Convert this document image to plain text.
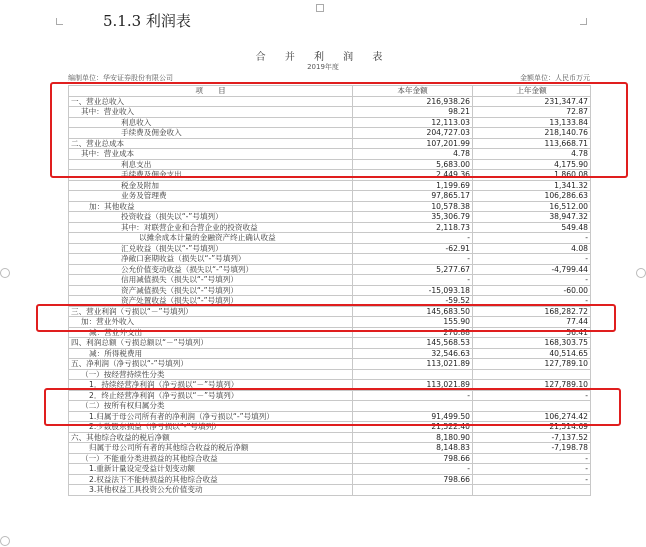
5.1.3 利润表
合 并 利 润 表
2019年度
编制单位：华安证券股份有限公司	金额单位：人民币万元
项　　目	本年金额	上年金额
一、营业总收入	216,938.26	231,347.47
其中：营业收入	98.21	72.87
利息收入	12,113.03	13,133.84
手续费及佣金收入	204,727.03	218,140.76
二、营业总成本	107,201.99	113,668.71
其中：营业成本	4.78	4.78
利息支出	5,683.00	4,175.90
手续费及佣金支出	2,449.36	1,860.08
税金及附加	1,199.69	1,341.32
业务及管理费	97,865.17	106,286.63
加：其他收益	10,578.38	16,512.00
投资收益（损失以“-”号填列）	35,306.79	38,947.32
其中：对联营企业和合营企业的投资收益	2,118.73	549.48
以摊余成本计量的金融资产终止确认收益	-	-
汇兑收益（损失以“-”号填列）	-62.91	4.08
净敞口套期收益（损失以“-”号填列）	-	-
公允价值变动收益（损失以“-”号填列）	5,277.67	-4,799.44
信用减值损失（损失以“-”号填列）	-	-
资产减值损失（损失以“-”号填列）	-15,093.18	-60.00
资产处置收益（损失以“-”号填列）	-59.52	-
三、营业利润（亏损以“－”号填列）	145,683.50	168,282.72
加：营业外收入	155.90	77.44
减：营业外支出	270.88	56.41
四、利润总额（亏损总额以“－”号填列）	145,568.53	168,303.75
减：所得税费用	32,546.63	40,514.65
五、净利润（净亏损以“-”号填列）	113,021.89	127,789.10
（一）按经营持续性分类		
1．持续经营净利润（净亏损以“－”号填列）	113,021.89	127,789.10
2．终止经营净利润（净亏损以“－”号填列）	-	-
（二）按所有权归属分类		
1.归属于母公司所有者的净利润（净亏损以“-”号填列）	91,499.50	106,274.42
2.少数股东损益（净亏损以“-”号填列）	21,522.40	21,514.69
六、其他综合收益的税后净额	8,180.90	-7,137.52
归属于母公司所有者的其他综合收益的税后净额	8,148.83	-7,198.78
（一）不能重分类进损益的其他综合收益	798.66	-
1.重新计量设定受益计划变动额	-	-
2.权益法下不能转损益的其他综合收益	798.66	-
3.其他权益工具投资公允价值变动		
